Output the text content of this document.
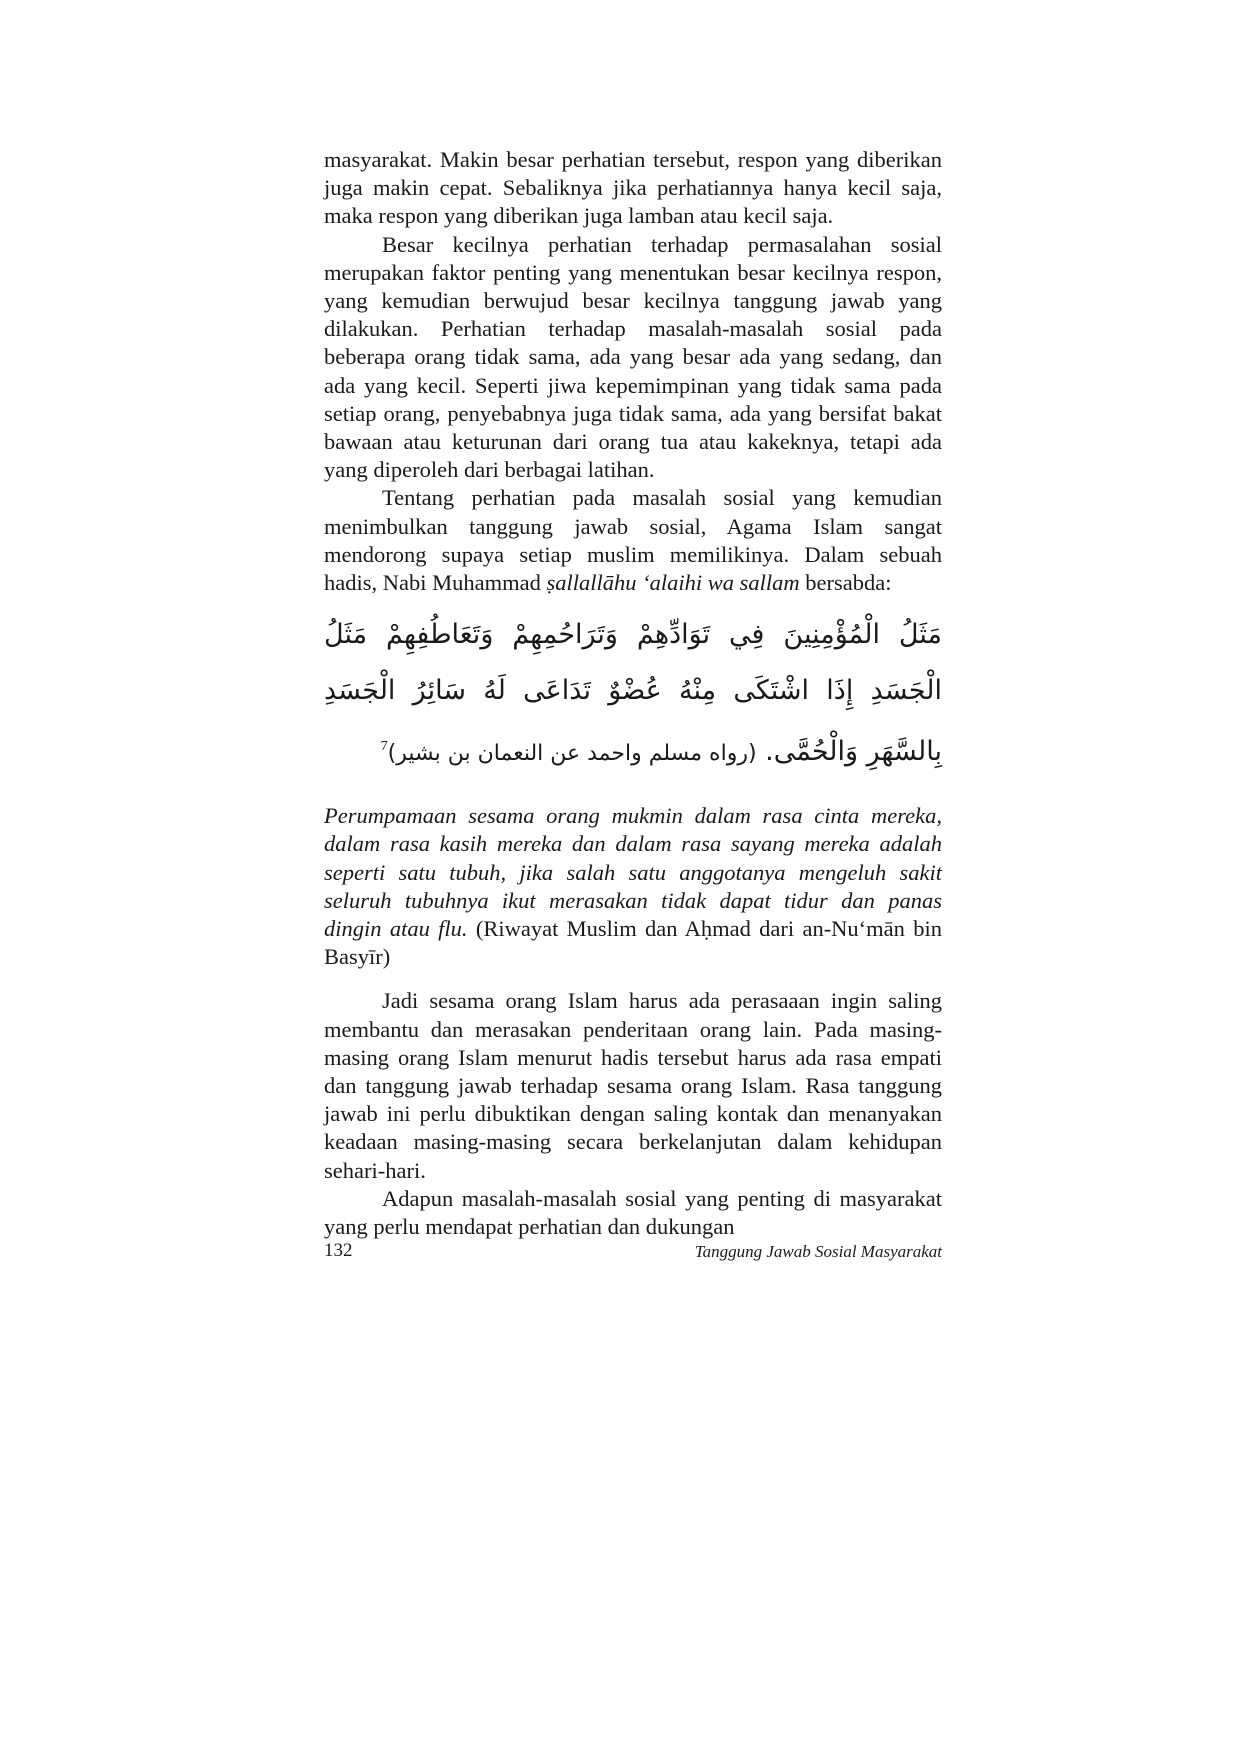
masyarakat. Makin besar perhatian tersebut, respon yang diberikan juga makin cepat. Sebaliknya jika perhatiannya hanya kecil saja, maka respon yang diberikan juga lamban atau kecil saja.

Besar kecilnya perhatian terhadap permasalahan sosial merupakan faktor penting yang menentukan besar kecilnya respon, yang kemudian berwujud besar kecilnya tanggung jawab yang dilakukan. Perhatian terhadap masalah-masalah sosial pada beberapa orang tidak sama, ada yang besar ada yang sedang, dan ada yang kecil. Seperti jiwa kepemimpinan yang tidak sama pada setiap orang, penyebabnya juga tidak sama, ada yang bersifat bakat bawaan atau keturunan dari orang tua atau kakeknya, tetapi ada yang diperoleh dari berbagai latihan.

Tentang perhatian pada masalah sosial yang kemudian menimbulkan tanggung jawab sosial, Agama Islam sangat mendorong supaya setiap muslim memilikinya. Dalam sebuah hadis, Nabi Muhammad ṣallallāhu ‘alaihi wa sallam bersabda:

مَثَلُ الْمُؤْمِنِينَ فِي تَوَادِّهِمْ وَتَرَاحُمِهِمْ وَتَعَاطُفِهِمْ مَثَلُ الْجَسَدِ إِذَا اشْتَكَى مِنْهُ عُضْوٌ تَدَاعَى لَهُ سَائِرُ الْجَسَدِ بِالسَّهَرِ وَالْحُمَّى. (رواه مسلم واحمد عن النعمان بن بشير)$^7$

Perumpamaan sesama orang mukmin dalam rasa cinta mereka, dalam rasa kasih mereka dan dalam rasa sayang mereka adalah seperti satu tubuh, jika salah satu anggotanya mengeluh sakit seluruh tubuhnya ikut merasakan tidak dapat tidur dan panas dingin atau flu. (Riwayat Muslim dan Aḥmad dari an-Nu‘mān bin Basyīr)

Jadi sesama orang Islam harus ada perasaaan ingin saling membantu dan merasakan penderitaan orang lain. Pada masing-masing orang Islam menurut hadis tersebut harus ada rasa empati dan tanggung jawab terhadap sesama orang Islam. Rasa tanggung jawab ini perlu dibuktikan dengan saling kontak dan menanyakan keadaan masing-masing secara berkelanjutan dalam kehidupan sehari-hari.

Adapun masalah-masalah sosial yang penting di masyarakat yang perlu mendapat perhatian dan dukungan

132	Tanggung Jawab Sosial Masyarakat
